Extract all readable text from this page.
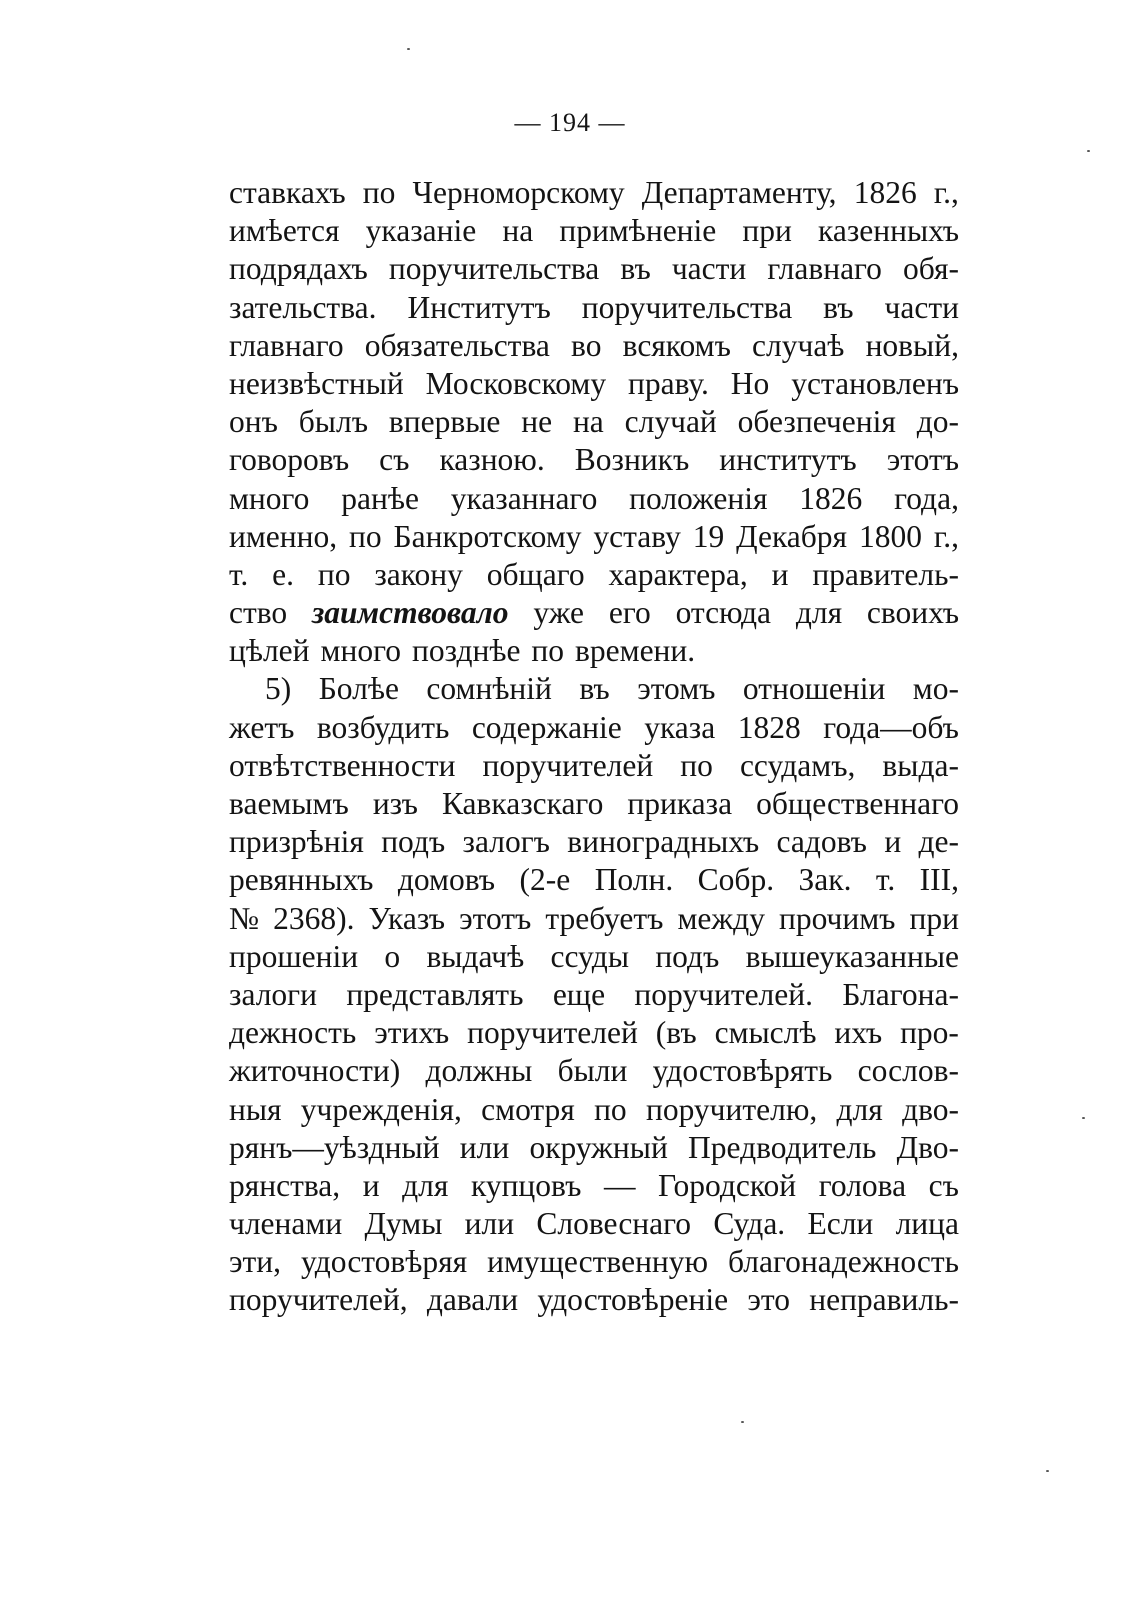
— 194 —
ставкахъ по Черноморскому Департаменту, 1826 г.,
имѣется указаніе на примѣненіе при казенныхъ
подрядахъ поручительства въ части главнаго обя-
зательства. Институтъ поручительства въ части
главнаго обязательства во всякомъ случаѣ новый,
неизвѣстный Московскому праву. Но установленъ
онъ былъ впервые не на случай обезпеченія до-
говоровъ съ казною. Возникъ институтъ этотъ
много ранѣе указаннаго положенія 1826 года,
именно, по Банкротскому уставу 19 Декабря 1800 г.,
т. е. по закону общаго характера, и правитель-
ство заимствовало уже его отсюда для своихъ
цѣлей много позднѣе по времени.
5) Болѣе сомнѣній въ этомъ отношеніи мо-
жетъ возбудить содержаніе указа 1828 года—объ
отвѣтственности поручителей по ссудамъ, выда-
ваемымъ изъ Кавказскаго приказа общественнаго
призрѣнія подъ залогъ виноградныхъ садовъ и де-
ревянныхъ домовъ (2-е Полн. Собр. Зак. т. III,
№ 2368). Указъ этотъ требуетъ между прочимъ при
прошеніи о выдачѣ ссуды подъ вышеуказанные
залоги представлять еще поручителей. Благона-
дежность этихъ поручителей (въ смыслѣ ихъ про-
житочности) должны были удостовѣрять сослов-
ныя учрежденія, смотря по поручителю, для дво-
рянъ—уѣздный или окружный Предводитель Дво-
рянства, и для купцовъ — Городской голова съ
членами Думы или Словеснаго Суда. Если лица
эти, удостовѣряя имущественную благонадежность
поручителей, давали удостовѣреніе это неправиль-
